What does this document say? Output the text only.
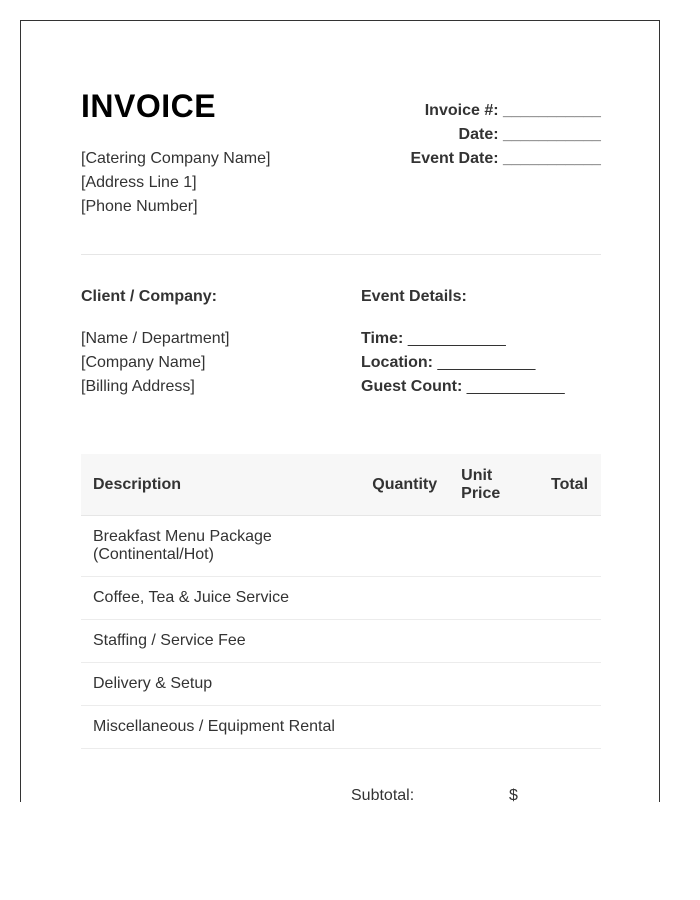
INVOICE
[Catering Company Name]
[Address Line 1]
[Phone Number]
Invoice #: ___________
Date: ___________
Event Date: ___________
Client / Company:
[Name / Department]
[Company Name]
[Billing Address]
Event Details:
Time: ___________
Location: ___________
Guest Count: ___________
Description	Quantity	Unit Price	Total
Breakfast Menu Package (Continental/Hot)			
Coffee, Tea & Juice Service			
Staffing / Service Fee			
Delivery & Setup			
Miscellaneous / Equipment Rental			
Subtotal:	$
